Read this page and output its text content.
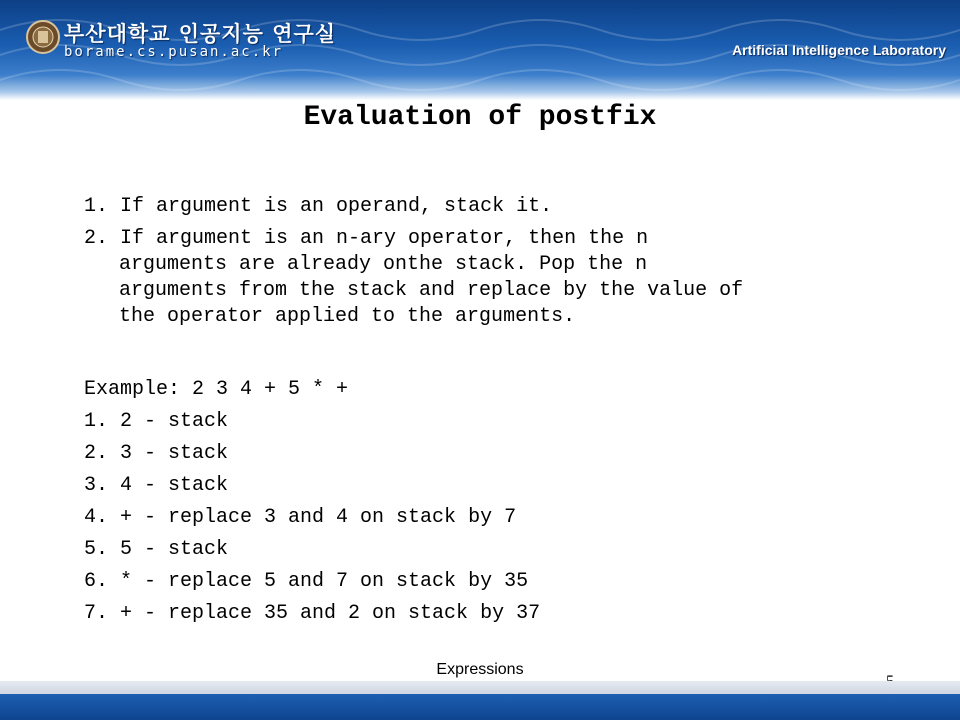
부산대학교 인공지능 연구실
borame.cs.pusan.ac.kr	Artificial Intelligence Laboratory
Evaluation of postfix
1. If argument is an operand, stack it.
2. If argument is an n-ary operator, then the n
arguments are already onthe stack. Pop the n
arguments from the stack and replace by the value of
the operator applied to the arguments.
Example: 2 3 4 + 5 * +
1. 2 - stack
2. 3 - stack
3. 4 - stack
4. + - replace 3 and 4 on stack by 7
5. 5 - stack
6. * - replace 5 and 7 on stack by 35
7. + - replace 35 and 2 on stack by 37
Expressions
